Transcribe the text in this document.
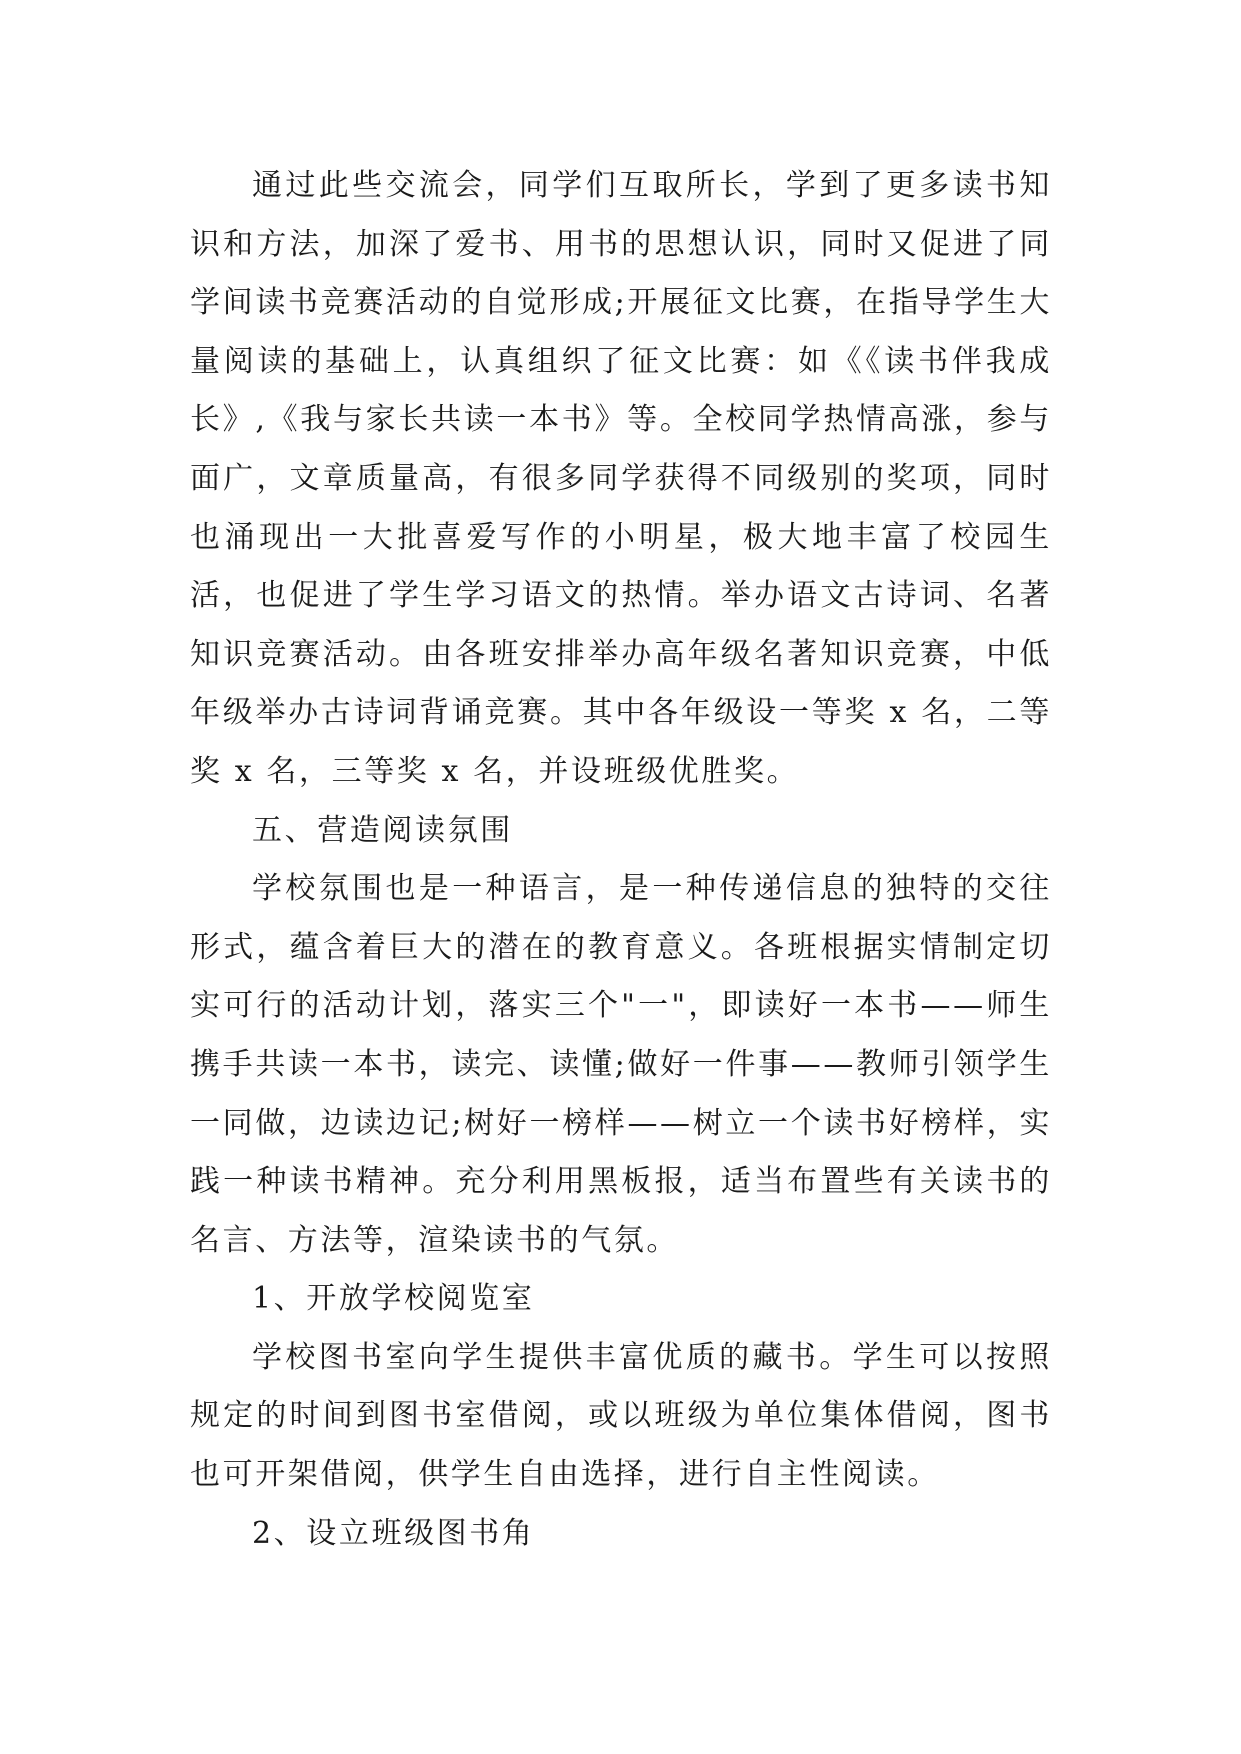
通过此些交流会，同学们互取所长，学到了更多读书知识和方法，加深了爱书、用书的思想认识，同时又促进了同学间读书竞赛活动的自觉形成;开展征文比赛，在指导学生大量阅读的基础上，认真组织了征文比赛：如《《读书伴我成长》,《我与家长共读一本书》等。全校同学热情高涨，参与面广，文章质量高，有很多同学获得不同级别的奖项，同时也涌现出一大批喜爱写作的小明星，极大地丰富了校园生活，也促进了学生学习语文的热情。举办语文古诗词、名著知识竞赛活动。由各班安排举办高年级名著知识竞赛，中低年级举办古诗词背诵竞赛。其中各年级设一等奖 x 名，二等奖 x 名，三等奖 x 名，并设班级优胜奖。

五、营造阅读氛围

学校氛围也是一种语言，是一种传递信息的独特的交往形式，蕴含着巨大的潜在的教育意义。各班根据实情制定切实可行的活动计划，落实三个"一"，即读好一本书——师生携手共读一本书，读完、读懂;做好一件事——教师引领学生一同做，边读边记;树好一榜样——树立一个读书好榜样，实践一种读书精神。充分利用黑板报，适当布置些有关读书的名言、方法等，渲染读书的气氛。

1、开放学校阅览室

学校图书室向学生提供丰富优质的藏书。学生可以按照规定的时间到图书室借阅，或以班级为单位集体借阅，图书也可开架借阅，供学生自由选择，进行自主性阅读。

2、设立班级图书角
